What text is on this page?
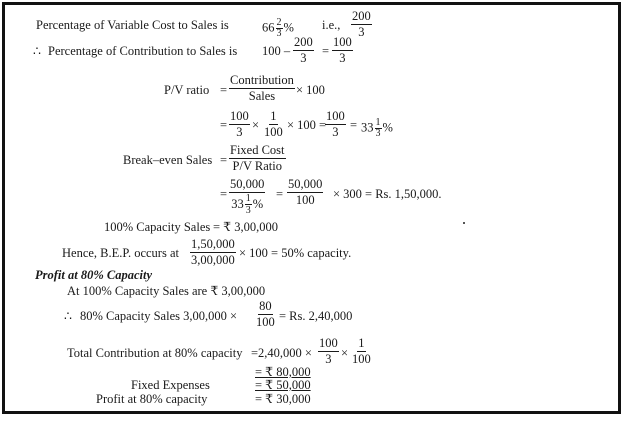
Percentage of Variable Cost to Sales is	$66 \frac{2}{3}$ % i.e., $\frac{200}{3}$
∴ Percentage of Contribution to Sales is $100 - \frac{200}{3} = \frac{100}{3}$
P/V ratio =
Contribution
Sales × 100
= $\frac{100}{3} \times \frac{1}{100} \times 100$ =
$\frac{100}{3} = 33 \frac{1}{3}$ %
Break–even Sales =
Fixed Cost
P/V Ratio
= $\frac{50,000}{33 \frac{1}{3} \%} = \frac{50,000}{100} \times 300 = Rs$. 1,50,000.
100% Capacity Sales = ₹ 3,00,000
Hence, B.E.P. occurs at $\frac{1,50,000}{3,00,000} \times 100 = 50\%$ capacity.
Profit at 80% Capacity
At 100% Capacity Sales are ₹ 3,00,000
∴ 80% Capacity Sales $3,00,000 \times \frac{80}{100} = Rs$. 2,40,000
Total Contribution at 80% capacity $=2,40,000 \times \frac{100}{3} \times \frac{1}{100}$
= ₹ 80,000
Fixed Expenses	= ₹ 50,000
Profit at 80% capacity	= ₹ 30,000
